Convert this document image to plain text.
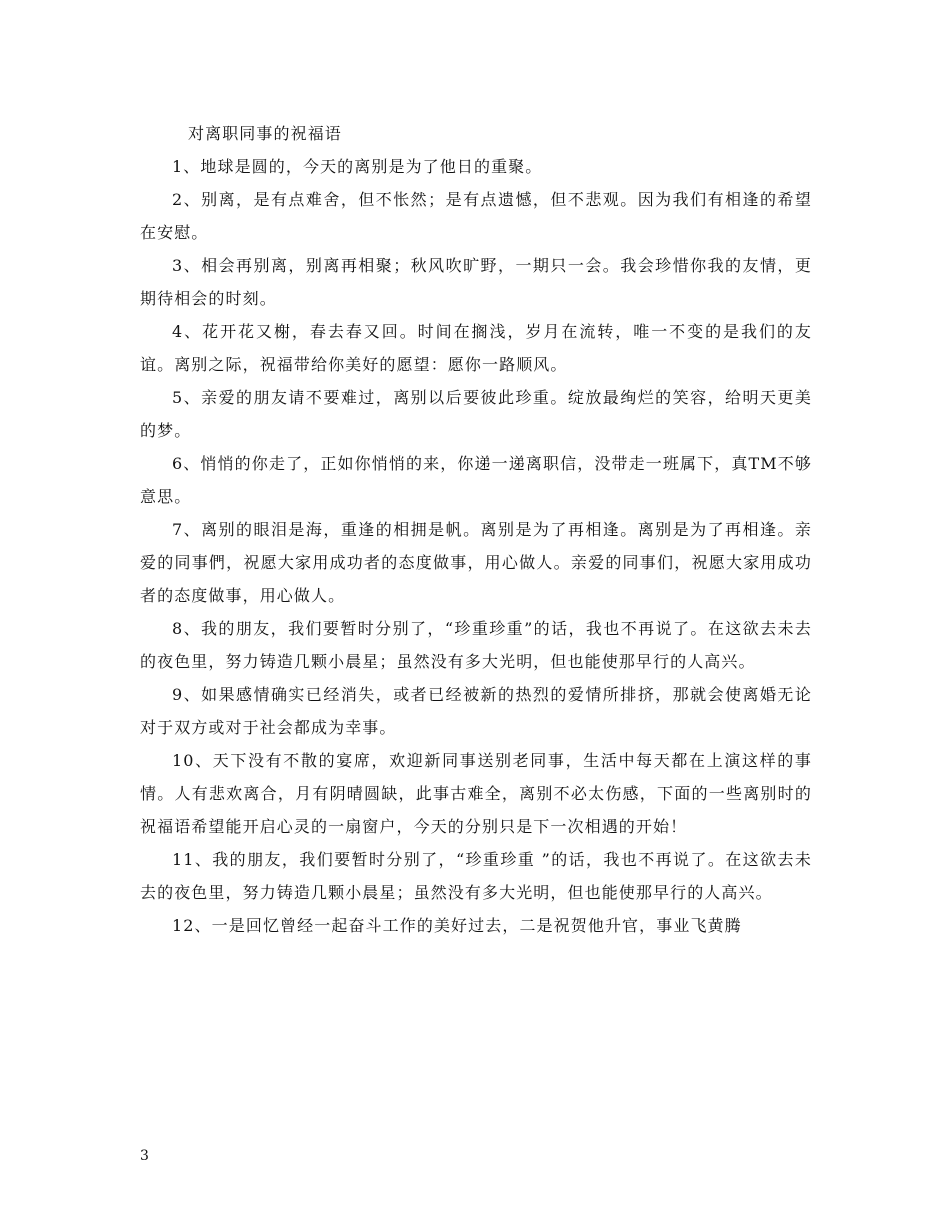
对离职同事的祝福语

1、地球是圆的，今天的离别是为了他日的重聚。

2、别离，是有点难舍，但不怅然；是有点遗憾，但不悲观。因为我们有相逢的希望在安慰。

3、相会再别离，别离再相聚；秋风吹旷野，一期只一会。我会珍惜你我的友情，更期待相会的时刻。

4、花开花又榭，春去春又回。时间在搁浅，岁月在流转，唯一不变的是我们的友谊。离别之际，祝福带给你美好的愿望：愿你一路顺风。

5、亲爱的朋友请不要难过，离别以后要彼此珍重。绽放最绚烂的笑容，给明天更美的梦。

6、悄悄的你走了，正如你悄悄的来，你递一递离职信，没带走一班属下，真TM不够意思。

7、离别的眼泪是海，重逢的相拥是帆。离别是为了再相逢。离别是为了再相逢。亲爱的同事們，祝愿大家用成功者的态度做事，用心做人。亲爱的同事们，祝愿大家用成功者的态度做事，用心做人。

8、我的朋友，我们要暂时分别了，“珍重珍重”的话，我也不再说了。在这欲去未去的夜色里，努力铸造几颗小晨星；虽然没有多大光明，但也能使那早行的人高兴。

9、如果感情确实已经消失，或者已经被新的热烈的爱情所排挤，那就会使离婚无论对于双方或对于社会都成为幸事。

10、天下没有不散的宴席，欢迎新同事送别老同事，生活中每天都在上演这样的事情。人有悲欢离合，月有阴晴圆缺，此事古难全，离别不必太伤感，下面的一些离别时的祝福语希望能开启心灵的一扇窗户，今天的分别只是下一次相遇的开始！

11、我的朋友，我们要暂时分别了，“珍重珍重 ”的话，我也不再说了。在这欲去未去的夜色里，努力铸造几颗小晨星；虽然没有多大光明，但也能使那早行的人高兴。

12、一是回忆曾经一起奋斗工作的美好过去，二是祝贺他升官，事业飞黄腾

3
